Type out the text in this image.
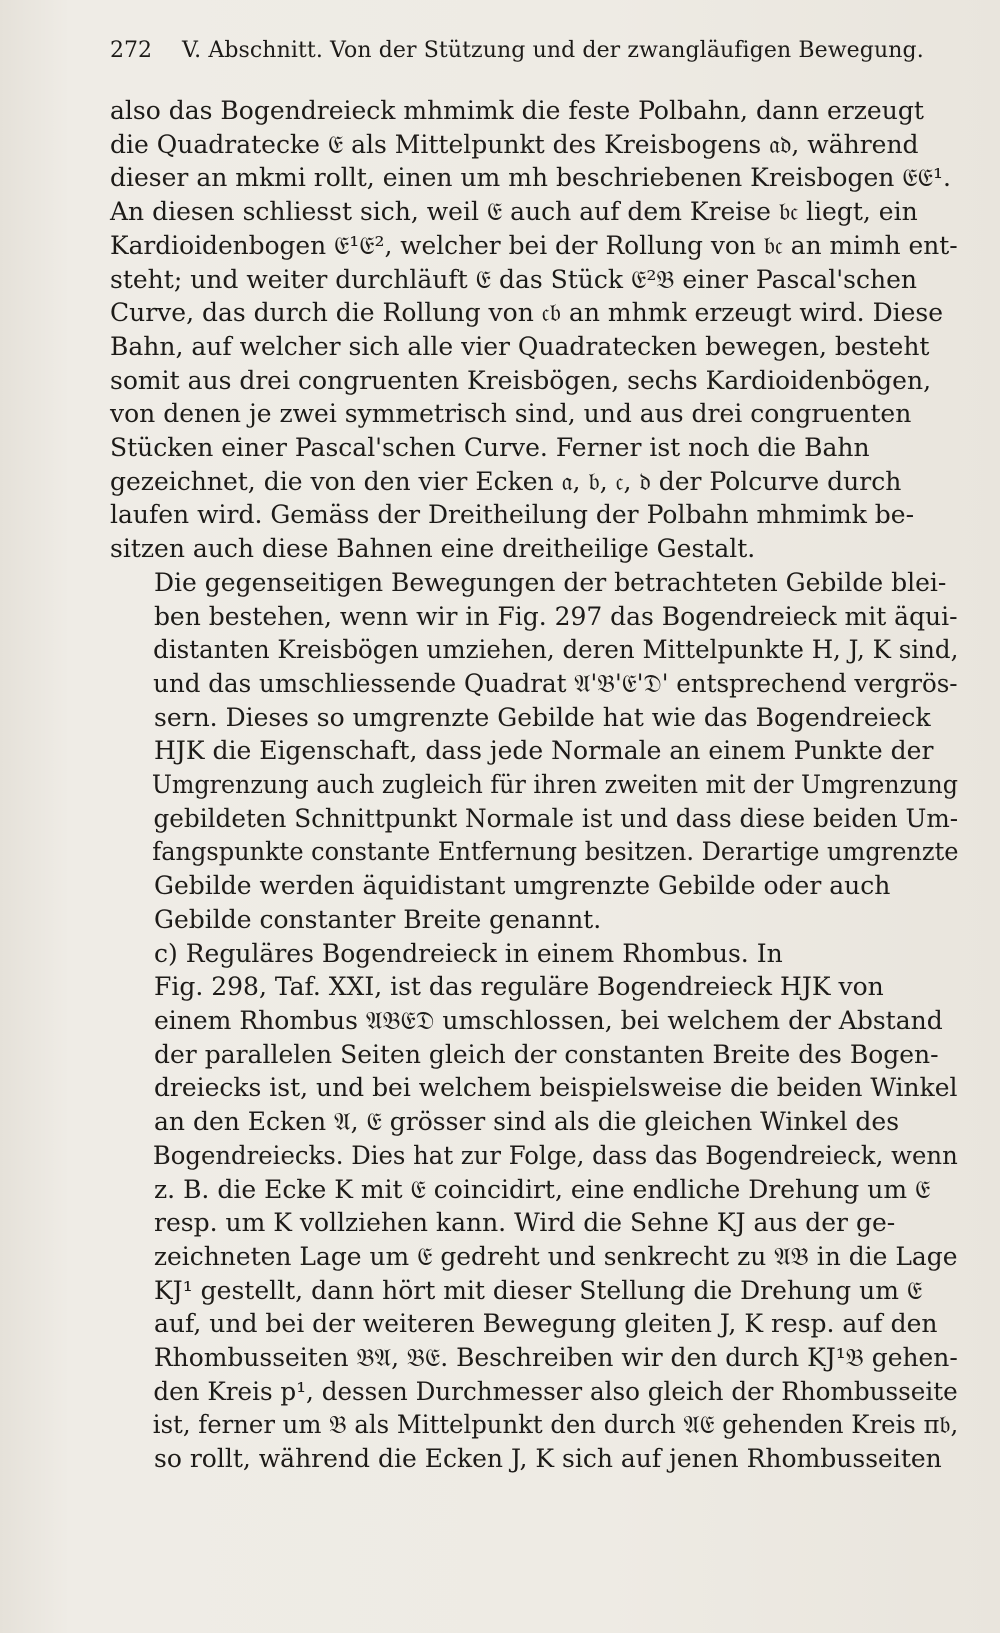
272 V. Abschnitt. Von der Stützung und der zwangläufigen Bewegung.

also das Bogendreieck mhmimk die feste Polbahn, dann erzeugt
die Quadratecke 𝔈 als Mittelpunkt des Kreisbogens 𝔞𝔡, während
dieser an mkmi rollt, einen um mh beschriebenen Kreisbogen 𝔈𝔈¹.
An diesen schliesst sich, weil 𝔈 auch auf dem Kreise 𝔟𝔠 liegt, ein
Kardioidenbogen 𝔈¹𝔈², welcher bei der Rollung von 𝔟𝔠 an mimh ent-
steht; und weiter durchläuft 𝔈 das Stück 𝔈²𝔅 einer Pascal'schen
Curve, das durch die Rollung von 𝔠𝔟 an mhmk erzeugt wird. Diese
Bahn, auf welcher sich alle vier Quadratecken bewegen, besteht
somit aus drei congruenten Kreisbögen, sechs Kardioidenbögen,
von denen je zwei symmetrisch sind, und aus drei congruenten
Stücken einer Pascal'schen Curve. Ferner ist noch die Bahn
gezeichnet, die von den vier Ecken 𝔞, 𝔟, 𝔠, 𝔡 der Polcurve durch
laufen wird. Gemäss der Dreitheilung der Polbahn mhmimk be-
sitzen auch diese Bahnen eine dreitheilige Gestalt.

Die gegenseitigen Bewegungen der betrachteten Gebilde blei-
ben bestehen, wenn wir in Fig. 297 das Bogendreieck mit äqui-
distanten Kreisbögen umziehen, deren Mittelpunkte H, J, K sind,
und das umschliessende Quadrat 𝔄'𝔅'𝔈'𝔇' entsprechend vergrös-
sern. Dieses so umgrenzte Gebilde hat wie das Bogendreieck
HJK die Eigenschaft, dass jede Normale an einem Punkte der
Umgrenzung auch zugleich für ihren zweiten mit der Umgrenzung
gebildeten Schnittpunkt Normale ist und dass diese beiden Um-
fangspunkte constante Entfernung besitzen. Derartige umgrenzte
Gebilde werden äquidistant umgrenzte Gebilde oder auch
Gebilde constanter Breite genannt.

c) Reguläres Bogendreieck in einem Rhombus. In
Fig. 298, Taf. XXI, ist das reguläre Bogendreieck HJK von
einem Rhombus 𝔄𝔅𝔈𝔇 umschlossen, bei welchem der Abstand
der parallelen Seiten gleich der constanten Breite des Bogen-
dreiecks ist, und bei welchem beispielsweise die beiden Winkel
an den Ecken 𝔄, 𝔈 grösser sind als die gleichen Winkel des
Bogendreiecks. Dies hat zur Folge, dass das Bogendreieck, wenn
z. B. die Ecke K mit 𝔈 coincidirt, eine endliche Drehung um 𝔈
resp. um K vollziehen kann. Wird die Sehne KJ aus der ge-
zeichneten Lage um 𝔈 gedreht und senkrecht zu 𝔄𝔅 in die Lage
KJ¹ gestellt, dann hört mit dieser Stellung die Drehung um 𝔈
auf, und bei der weiteren Bewegung gleiten J, K resp. auf den
Rhombusseiten 𝔅𝔄, 𝔅𝔈. Beschreiben wir den durch KJ¹𝔅 gehen-
den Kreis p¹, dessen Durchmesser also gleich der Rhombusseite
ist, ferner um 𝔅 als Mittelpunkt den durch 𝔄𝔈 gehenden Kreis π𝔟,
so rollt, während die Ecken J, K sich auf jenen Rhombusseiten
